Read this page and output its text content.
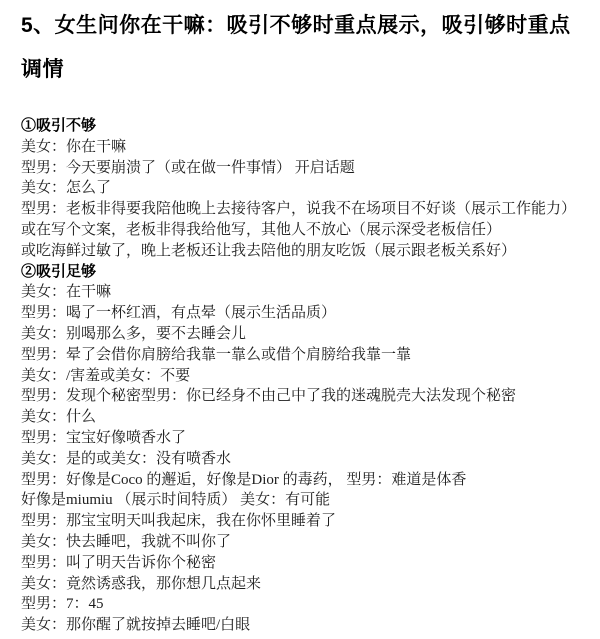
5、女生问你在干嘛：吸引不够时重点展示，吸引够时重点
调情
①吸引不够
美女：你在干嘛
型男：今天要崩溃了（或在做一件事情） 开启话题
美女：怎么了
型男：老板非得要我陪他晚上去接待客户，说我不在场项目不好谈（展示工作能力）
或在写个文案，老板非得我给他写，其他人不放心（展示深受老板信任）
或吃海鲜过敏了，晚上老板还让我去陪他的朋友吃饭（展示跟老板关系好）
②吸引足够
美女：在干嘛
型男：喝了一杯红酒，有点晕（展示生活品质）
美女：别喝那么多，要不去睡会儿
型男：晕了会借你肩膀给我靠一靠么或借个肩膀给我靠一靠
美女：/害羞或美女：不要
型男：发现个秘密型男：你已经身不由己中了我的迷魂脱壳大法发现个秘密
美女：什么
型男：宝宝好像喷香水了
美女：是的或美女：没有喷香水
型男：好像是Coco 的邂逅，好像是Dior 的毒药， 型男：难道是体香
好像是miumiu （展示时间特质） 美女：有可能
型男：那宝宝明天叫我起床，我在你怀里睡着了
美女：快去睡吧，我就不叫你了
型男：叫了明天告诉你个秘密
美女：竟然诱惑我，那你想几点起来
型男：7：45
美女：那你醒了就按掉去睡吧/白眼
